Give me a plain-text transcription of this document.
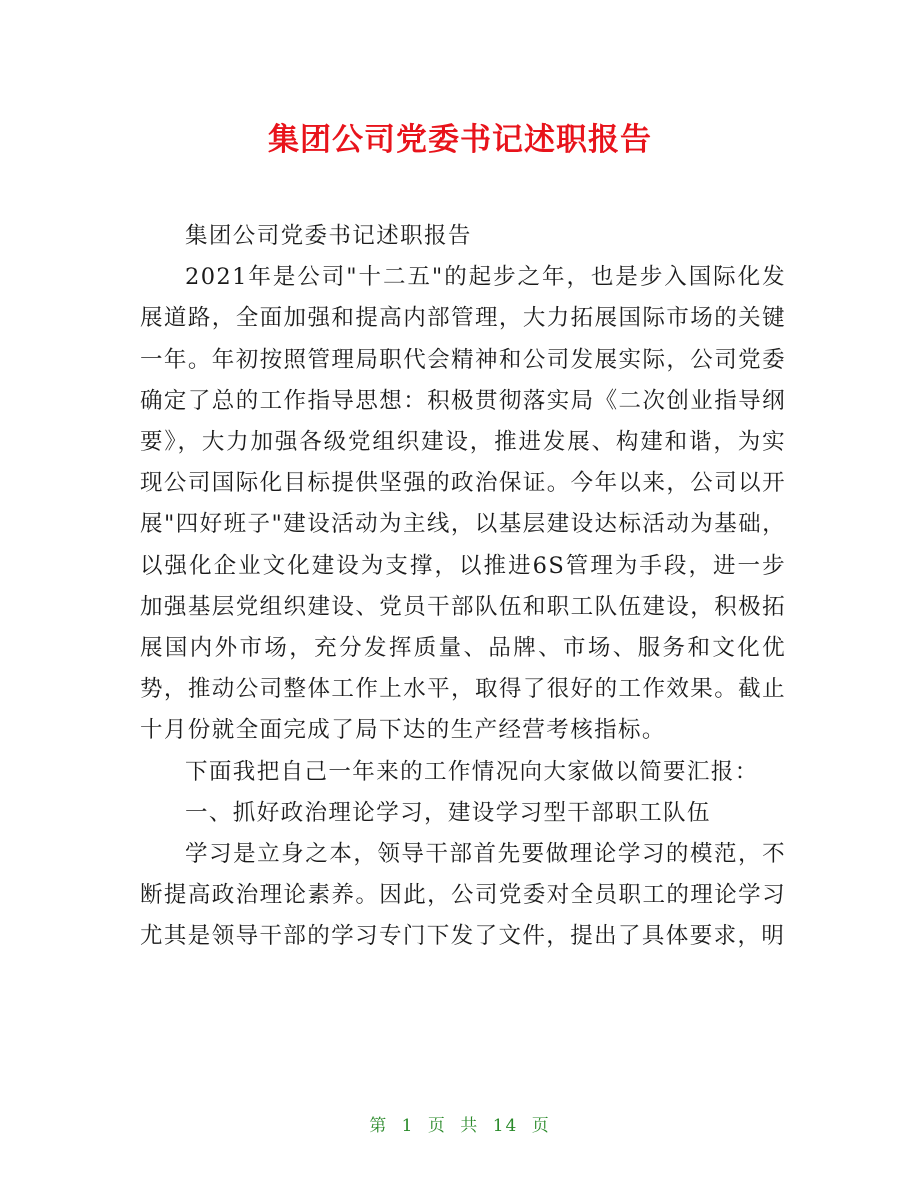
集团公司党委书记述职报告

集团公司党委书记述职报告

2021年是公司"十二五"的起步之年，也是步入国际化发展道路，全面加强和提高内部管理，大力拓展国际市场的关键一年。年初按照管理局职代会精神和公司发展实际，公司党委确定了总的工作指导思想：积极贯彻落实局《二次创业指导纲要》，大力加强各级党组织建设，推进发展、构建和谐，为实现公司国际化目标提供坚强的政治保证。今年以来，公司以开展"四好班子"建设活动为主线，以基层建设达标活动为基础，以强化企业文化建设为支撑，以推进6S管理为手段，进一步加强基层党组织建设、党员干部队伍和职工队伍建设，积极拓展国内外市场，充分发挥质量、品牌、市场、服务和文化优势，推动公司整体工作上水平，取得了很好的工作效果。截止十月份就全面完成了局下达的生产经营考核指标。

下面我把自己一年来的工作情况向大家做以简要汇报：

一、抓好政治理论学习，建设学习型干部职工队伍

学习是立身之本，领导干部首先要做理论学习的模范，不断提高政治理论素养。因此，公司党委对全员职工的理论学习尤其是领导干部的学习专门下发了文件，提出了具体要求，明

第 1 页 共 14 页
